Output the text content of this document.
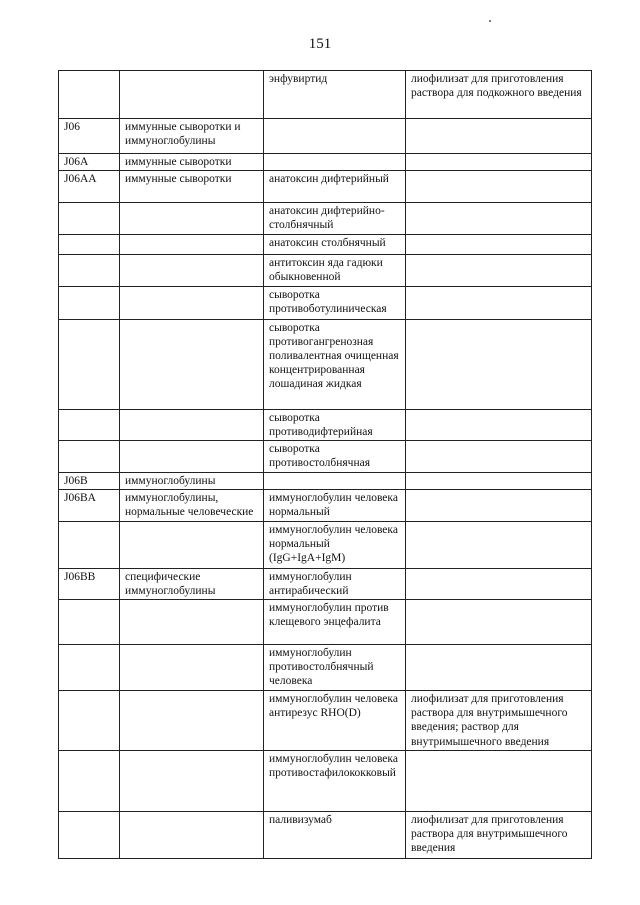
151
		энфувиртид	лиофилизат для приготовления раствора для подкожного введения
J06	иммунные сыворотки и иммуноглобулины		
J06A	иммунные сыворотки		
J06AA	иммунные сыворотки	анатоксин дифтерийный	
		анатоксин дифтерийно-столбнячный	
		анатоксин столбнячный	
		антитоксин яда гадюки обыкновенной	
		сыворотка противоботулиническая	
		сыворотка противогангренозная поливалентная очищенная концентрированная лошадиная жидкая	
		сыворотка противодифтерийная	
		сыворотка противостолбнячная	
J06B	иммуноглобулины		
J06BA	иммуноглобулины, нормальные человеческие	иммуноглобулин человека нормальный	
		иммуноглобулин человека нормальный (IgG+IgA+IgM)	
J06BB	специфические иммуноглобулины	иммуноглобулин антирабический	
		иммуноглобулин против клещевого энцефалита	
		иммуноглобулин противостолбнячный человека	
		иммуноглобулин человека антирезус RHO(D)	лиофилизат для приготовления раствора для внутримышечного введения; раствор для внутримышечного введения
		иммуноглобулин человека противостафилококковый	
		паливизумаб	лиофилизат для приготовления раствора для внутримышечного введения
